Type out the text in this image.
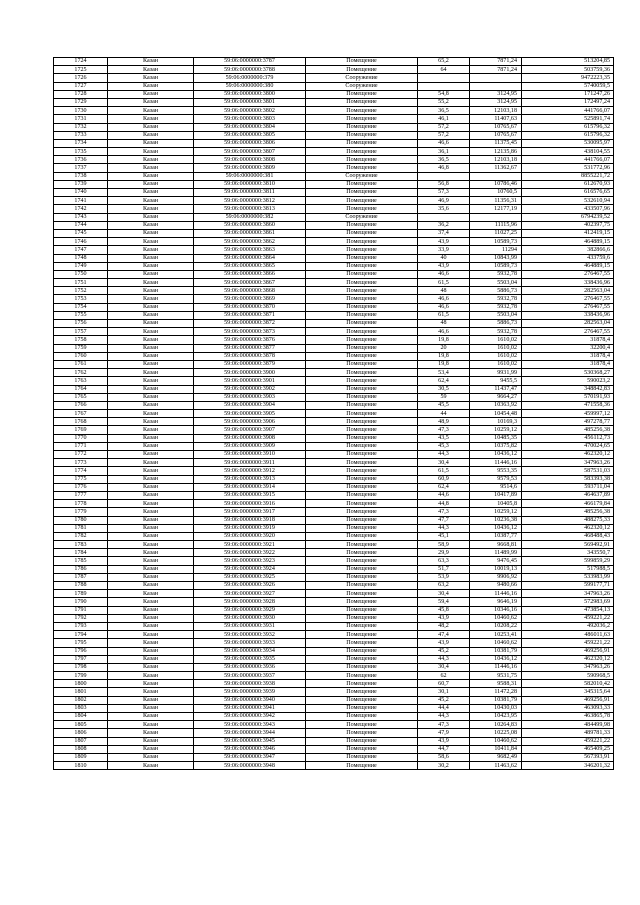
1724	Казан	59:06:0000000:3787	Помещение	65,2	7871,24	513204,85
1725	Казан	59:06:0000000:3788	Помещение	64	7871,24	503759,36
1726	Казан	59:06:0000000:379	Сооружение			9472223,35
1727	Казан	59:06:0000000:380	Сооружение			5740059,5
1728	Казан	59:06:0000000:3800	Помещение	54,8	3124,95	171247,26
1729	Казан	59:06:0000000:3801	Помещение	55,2	3124,95	172497,24
1730	Казан	59:06:0000000:3802	Помещение	36,5	12103,18	441766,07
1731	Казан	59:06:0000000:3803	Помещение	46,1	11407,63	525891,74
1732	Казан	59:06:0000000:3804	Помещение	57,2	10765,67	615796,32
1733	Казан	59:06:0000000:3805	Помещение	57,2	10765,67	615796,32
1734	Казан	59:06:0000000:3806	Помещение	46,6	11375,45	530095,97
1735	Казан	59:06:0000000:3807	Помещение	36,1	12135,86	438104,55
1736	Казан	59:06:0000000:3808	Помещение	36,5	12103,18	441766,07
1737	Казан	59:06:0000000:3809	Помещение	46,8	11362,67	531772,96
1738	Казан	59:06:0000000:381	Сооружение			8855221,72
1739	Казан	59:06:0000000:3810	Помещение	56,8	10786,46	612670,93
1740	Казан	59:06:0000000:3811	Помещение	57,3	10760,5	616576,65
1741	Казан	59:06:0000000:3812	Помещение	46,9	11356,31	532610,94
1742	Казан	59:06:0000000:3813	Помещение	35,6	12177,19	433507,96
1743	Казан	59:06:0000000:382	Сооружение			6794239,52
1744	Казан	59:06:0000000:3860	Помещение	36,2	11115,96	402397,75
1745	Казан	59:06:0000000:3861	Помещение	37,4	11027,25	412419,15
1746	Казан	59:06:0000000:3862	Помещение	43,9	10589,73	464889,15
1747	Казан	59:06:0000000:3863	Помещение	33,9	11294	382866,6
1748	Казан	59:06:0000000:3864	Помещение	40	10843,99	433759,6
1749	Казан	59:06:0000000:3865	Помещение	43,9	10589,73	464889,15
1750	Казан	59:06:0000000:3866	Помещение	46,6	5932,78	276467,55
1751	Казан	59:06:0000000:3867	Помещение	61,5	5503,04	338436,96
1752	Казан	59:06:0000000:3868	Помещение	48	5886,73	282563,04
1753	Казан	59:06:0000000:3869	Помещение	46,6	5932,78	276467,55
1754	Казан	59:06:0000000:3870	Помещение	46,6	5932,78	276467,55
1755	Казан	59:06:0000000:3871	Помещение	61,5	5503,04	338436,96
1756	Казан	59:06:0000000:3872	Помещение	48	5886,73	282563,04
1757	Казан	59:06:0000000:3873	Помещение	46,6	5932,78	276467,55
1758	Казан	59:06:0000000:3876	Помещение	19,8	1610,02	31878,4
1759	Казан	59:06:0000000:3877	Помещение	20	1610,02	32200,4
1760	Казан	59:06:0000000:3878	Помещение	19,8	1610,02	31878,4
1761	Казан	59:06:0000000:3879	Помещение	19,8	1610,02	31878,4
1762	Казан	59:06:0000000:3900	Помещение	53,4	9931,99	530368,27
1763	Казан	59:06:0000000:3901	Помещение	62,4	9455,5	590023,2
1764	Казан	59:06:0000000:3902	Помещение	30,5	11437,47	348842,83
1765	Казан	59:06:0000000:3903	Помещение	59	9664,27	570191,93
1766	Казан	59:06:0000000:3904	Помещение	45,5	10363,92	471558,36
1767	Казан	59:06:0000000:3905	Помещение	44	10454,48	459997,12
1768	Казан	59:06:0000000:3906	Помещение	48,9	10169,3	497278,77
1769	Казан	59:06:0000000:3907	Помещение	47,3	10259,12	485256,38
1770	Казан	59:06:0000000:3908	Помещение	43,5	10485,35	456112,73
1771	Казан	59:06:0000000:3909	Помещение	45,3	10375,82	470024,65
1772	Казан	59:06:0000000:3910	Помещение	44,3	10436,12	462320,12
1773	Казан	59:06:0000000:3911	Помещение	30,4	11446,16	347963,26
1774	Казан	59:06:0000000:3912	Помещение	61,5	9553,35	587531,03
1775	Казан	59:06:0000000:3913	Помещение	60,9	9579,53	583393,38
1776	Казан	59:06:0000000:3914	Помещение	62,4	9514,6	593711,04
1777	Казан	59:06:0000000:3915	Помещение	44,6	10417,89	464637,89
1778	Казан	59:06:0000000:3916	Помещение	44,8	10405,8	466179,84
1779	Казан	59:06:0000000:3917	Помещение	47,3	10259,12	485256,38
1780	Казан	59:06:0000000:3918	Помещение	47,7	10236,38	488275,33
1781	Казан	59:06:0000000:3919	Помещение	44,3	10436,12	462320,12
1782	Казан	59:06:0000000:3920	Помещение	45,1	10387,77	468488,43
1783	Казан	59:06:0000000:3921	Помещение	58,9	9668,81	569492,91
1784	Казан	59:06:0000000:3922	Помещение	29,9	11489,99	343550,7
1785	Казан	59:06:0000000:3923	Помещение	63,3	9476,45	599859,29
1786	Казан	59:06:0000000:3924	Помещение	51,7	10019,13	517988,5
1787	Казан	59:06:0000000:3925	Помещение	53,9	9906,92	533983,99
1788	Казан	59:06:0000000:3926	Помещение	63,2	9480,66	599177,71
1789	Казан	59:06:0000000:3927	Помещение	30,4	11446,16	347963,26
1790	Казан	59:06:0000000:3928	Помещение	59,4	9646,19	572983,69
1791	Казан	59:06:0000000:3929	Помещение	45,8	10346,16	473854,13
1792	Казан	59:06:0000000:3930	Помещение	43,9	10460,62	459221,22
1793	Казан	59:06:0000000:3931	Помещение	48,2	10208,22	492036,2
1794	Казан	59:06:0000000:3932	Помещение	47,4	10253,41	486011,63
1795	Казан	59:06:0000000:3933	Помещение	43,9	10460,62	459221,22
1796	Казан	59:06:0000000:3934	Помещение	45,2	10381,79	469256,91
1797	Казан	59:06:0000000:3935	Помещение	44,3	10436,12	462320,12
1798	Казан	59:06:0000000:3936	Помещение	30,4	11446,16	347963,26
1799	Казан	59:06:0000000:3937	Помещение	62	9531,75	590968,5
1800	Казан	59:06:0000000:3938	Помещение	60,7	9588,31	582010,42
1801	Казан	59:06:0000000:3939	Помещение	30,1	11472,28	345315,64
1802	Казан	59:06:0000000:3940	Помещение	45,2	10381,79	469256,91
1803	Казан	59:06:0000000:3941	Помещение	44,4	10430,03	463093,33
1804	Казан	59:06:0000000:3942	Помещение	44,3	10423,95	463865,78
1805	Казан	59:06:0000000:3943	Помещение	47,3	10264,83	484499,98
1806	Казан	59:06:0000000:3944	Помещение	47,9	10225,08	489781,33
1807	Казан	59:06:0000000:3945	Помещение	43,9	10460,62	459221,22
1808	Казан	59:06:0000000:3946	Помещение	44,7	10411,84	465409,25
1809	Казан	59:06:0000000:3947	Помещение	58,6	9682,49	567393,91
1810	Казан	59:06:0000000:3948	Помещение	30,2	11463,62	346201,32
